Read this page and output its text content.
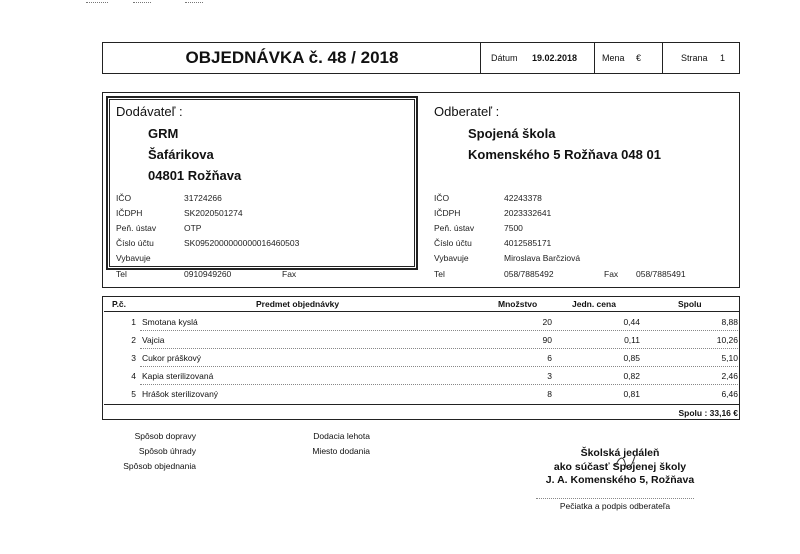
OBJEDNÁVKA č. 48 / 2018	Dátum 19.02.2018	Mena €	Strana 1
Dodávateľ :
GRM
Šafárikova
04801 Rožňava
IČO	31724266
IČDPH	SK2020501274
Peň. ústav	OTP
Číslo účtu	SK0952000000000016460503
Vybavuje
Tel	0910949260	Fax
Odberateľ :
Spojená škola
Komenského 5 Rožňava 048 01
IČO	42243378
IČDPH	2023332641
Peň. ústav	7500
Číslo účtu	4012585171
Vybavuje	Miroslava Barčziová
Tel	058/7885492	Fax 058/7885491
P.č.	Predmet objednávky	Množstvo	Jedn. cena	Spolu
1 Smotana kyslá	20	0,44	8,88
2 Vajcia	90	0,11	10,26
3 Cukor práškový	6	0,85	5,10
4 Kapia sterilizovaná	3	0,82	2,46
5 Hrášok sterilizovaný	8	0,81	6,46
Spolu : 33,16 €
Spôsob dopravy
Spôsob úhrady
Spôsob objednania
Dodacia lehota
Miesto dodania	Školská jedáleň
ako súčasť Spojenej školy
J. A. Komenského 5, Rožňava
Pečiatka a podpis odberateľa
